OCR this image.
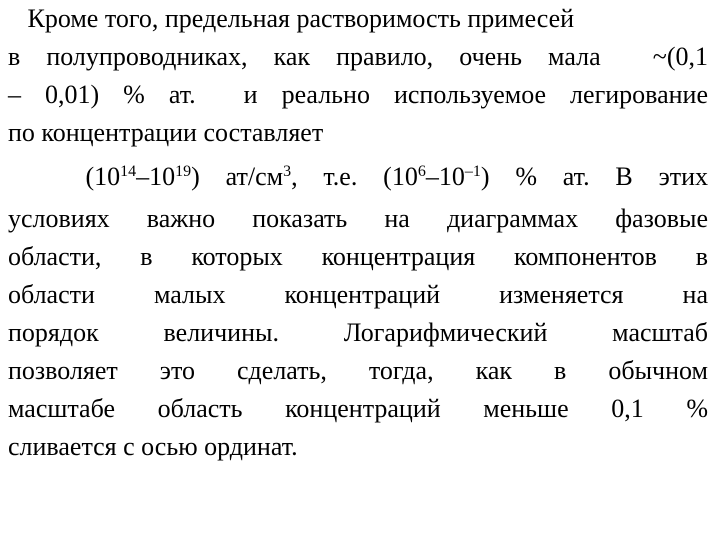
Кроме того, предельная растворимость примесей
в полупроводниках, как правило, очень мала  ~(0,1
– 0,01) % ат.  и реально используемое легирование
по концентрации составляет
$(10^{14}-10^{19})$ $ат/см^3$, т.е. $(10^6-10^{-1})$ % ат. В этих
условиях важно показать на диаграммах фазовые
области, в которых концентрация компонентов в
области малых концентраций изменяется на
порядок величины. Логарифмический масштаб
позволяет это сделать, тогда, как в обычном
масштабе область концентраций меньше 0,1 %
сливается с осью ординат.
